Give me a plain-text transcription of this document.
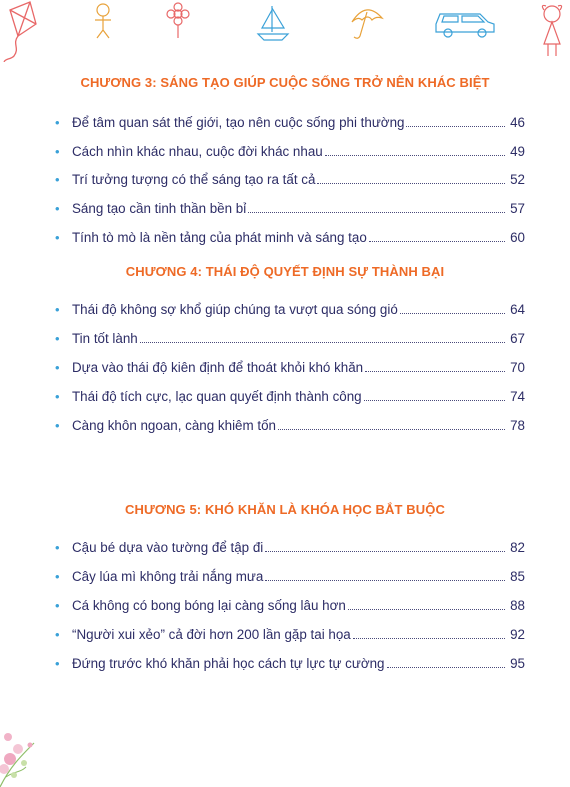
CHƯƠNG 3: SÁNG TẠO GIÚP CUỘC SỐNG TRỞ NÊN KHÁC BIỆT
• Để tâm quan sát thế giới, tạo nên cuộc sống phi thường	46
• Cách nhìn khác nhau, cuộc đời khác nhau	49
• Trí tưởng tượng có thể sáng tạo ra tất cả	52
• Sáng tạo cần tinh thần bền bỉ	57
• Tính tò mò là nền tảng của phát minh và sáng tạo	60
CHƯƠNG 4: THÁI ĐỘ QUYẾT ĐỊNH SỰ THÀNH BẠI
• Thái độ không sợ khổ giúp chúng ta vượt qua sóng gió	64
• Tin tốt lành	67
• Dựa vào thái độ kiên định để thoát khỏi khó khăn	70
• Thái độ tích cực, lạc quan quyết định thành công	74
• Càng khôn ngoan, càng khiêm tốn	78
CHƯƠNG 5: KHÓ KHĂN LÀ KHÓA HỌC BẮT BUỘC
• Cậu bé dựa vào tường để tập đi	82
• Cây lúa mì không trải nắng mưa	85
• Cá không có bong bóng lại càng sống lâu hơn	88
• “Người xui xẻo” cả đời hơn 200 lần gặp tai họa	92
• Đứng trước khó khăn phải học cách tự lực tự cường	95
